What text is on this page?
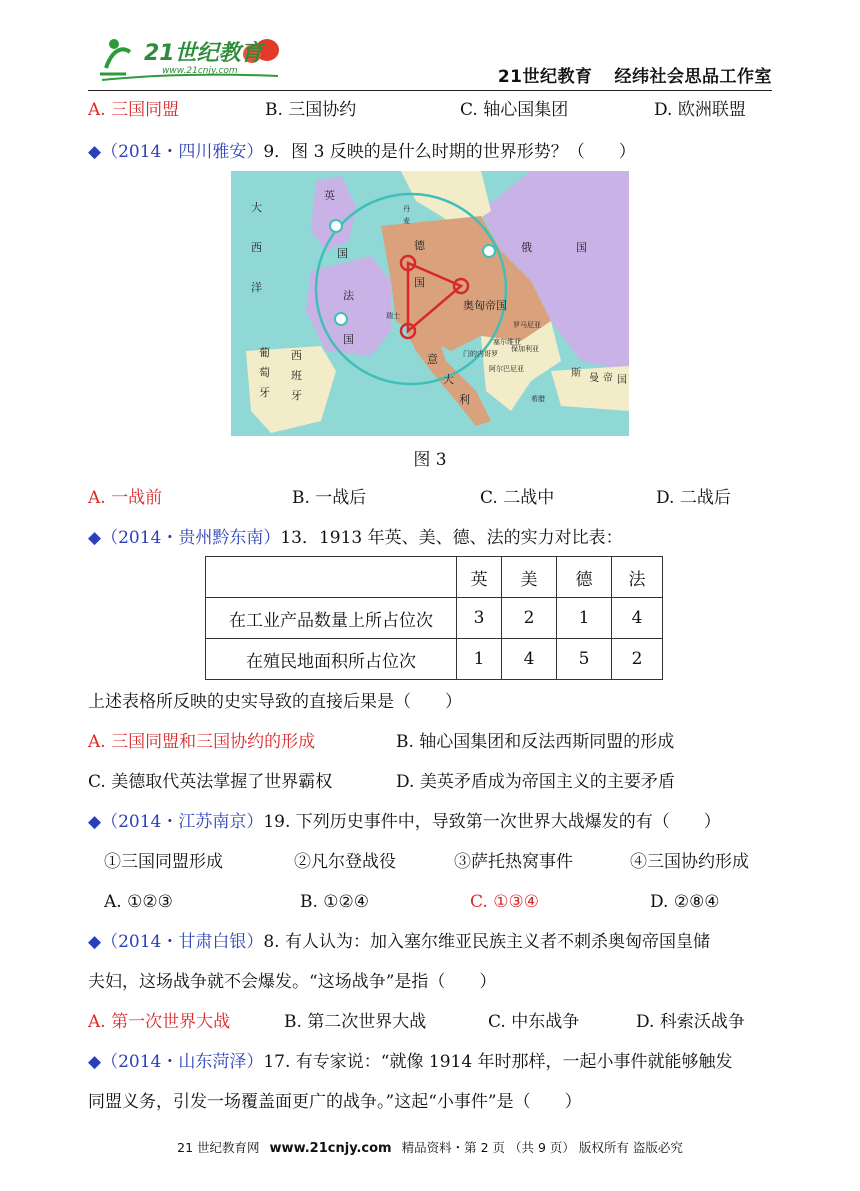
21世纪教育
www.21cnjy.com	21世纪教育 经纬社会思品工作室
A. 三国同盟	B. 三国协约	C. 轴心国集团	D. 欧洲联盟
◆（2014・四川雅安）9．图 3 反映的是什么时期的世界形势？（　　）
大
西
洋
英
国
法
国
德
国
俄	国
奥匈帝国
意
大
利
西
班
牙
葡
萄
牙
丹
麦
瑞士
罗马尼亚
保加利亚
塞尔维亚
门的内哥罗
阿尔巴尼亚
希腊
斯 曼 帝 国
图 3
A. 一战前	B. 一战后	C. 二战中	D. 二战后
◆（2014・贵州黔东南）13．1913 年英、美、德、法的实力对比表：
	英	美	德	法
在工业产品数量上所占位次	3	2	1	4
在殖民地面积所占位次	1	4	5	2
上述表格所反映的史实导致的直接后果是（　　）
A. 三国同盟和三国协约的形成	B. 轴心国集团和反法西斯同盟的形成
C. 美德取代英法掌握了世界霸权	D. 美英矛盾成为帝国主义的主要矛盾
◆（2014・江苏南京）19. 下列历史事件中，导致第一次世界大战爆发的有（　　）
①三国同盟形成	②凡尔登战役	③萨托热窝事件	④三国协约形成
A. ①②③	B. ①②④	C. ①③④	D. ②⑧④
◆（2014・甘肃白银）8. 有人认为：加入塞尔维亚民族主义者不刺杀奥匈帝国皇储
夫妇，这场战争就不会爆发。“这场战争”是指（　　）
A. 第一次世界大战	B. 第二次世界大战	C. 中东战争	D. 科索沃战争
◆（2014・山东菏泽）17. 有专家说：“就像 1914 年时那样，一起小事件就能够触发
同盟义务，引发一场覆盖面更广的战争。”这起“小事件”是（　　）
21 世纪教育网 www.21cnjy.com 精品资料・第 2 页 （共 9 页） 版权所有 盗版必究
